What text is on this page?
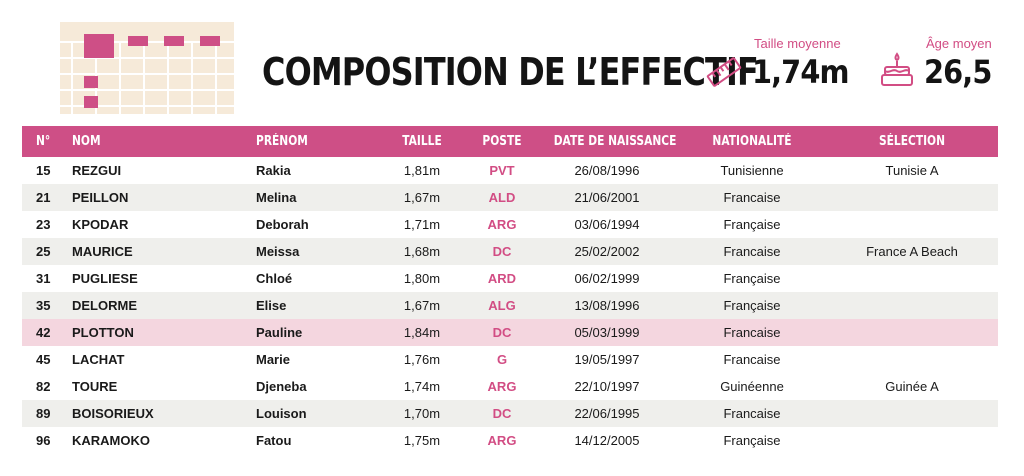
COMPOSITION DE L’EFFECTIF
Taille moyenne
1,74m
Âge moyen
26,5
N°	NOM	PRÉNOM	TAILLE	POSTE	DATE DE NAISSANCE	NATIONALITÉ	SÉLECTION
15	REZGUI	Rakia	1,81m	PVT	26/08/1996	Tunisienne	Tunisie A
21	PEILLON	Melina	1,67m	ALD	21/06/2001	Francaise
23	KPODAR	Deborah	1,71m	ARG	03/06/1994	Française
25	MAURICE	Meissa	1,68m	DC	25/02/2002	Francaise	France A Beach
31	PUGLIESE	Chloé	1,80m	ARD	06/02/1999	Française
35	DELORME	Elise	1,67m	ALG	13/08/1996	Française
42	PLOTTON	Pauline	1,84m	DC	05/03/1999	Francaise
45	LACHAT	Marie	1,76m	G	19/05/1997	Francaise
82	TOURE	Djeneba	1,74m	ARG	22/10/1997	Guinéenne	Guinée A
89	BOISORIEUX	Louison	1,70m	DC	22/06/1995	Francaise
96	KARAMOKO	Fatou	1,75m	ARG	14/12/2005	Française
